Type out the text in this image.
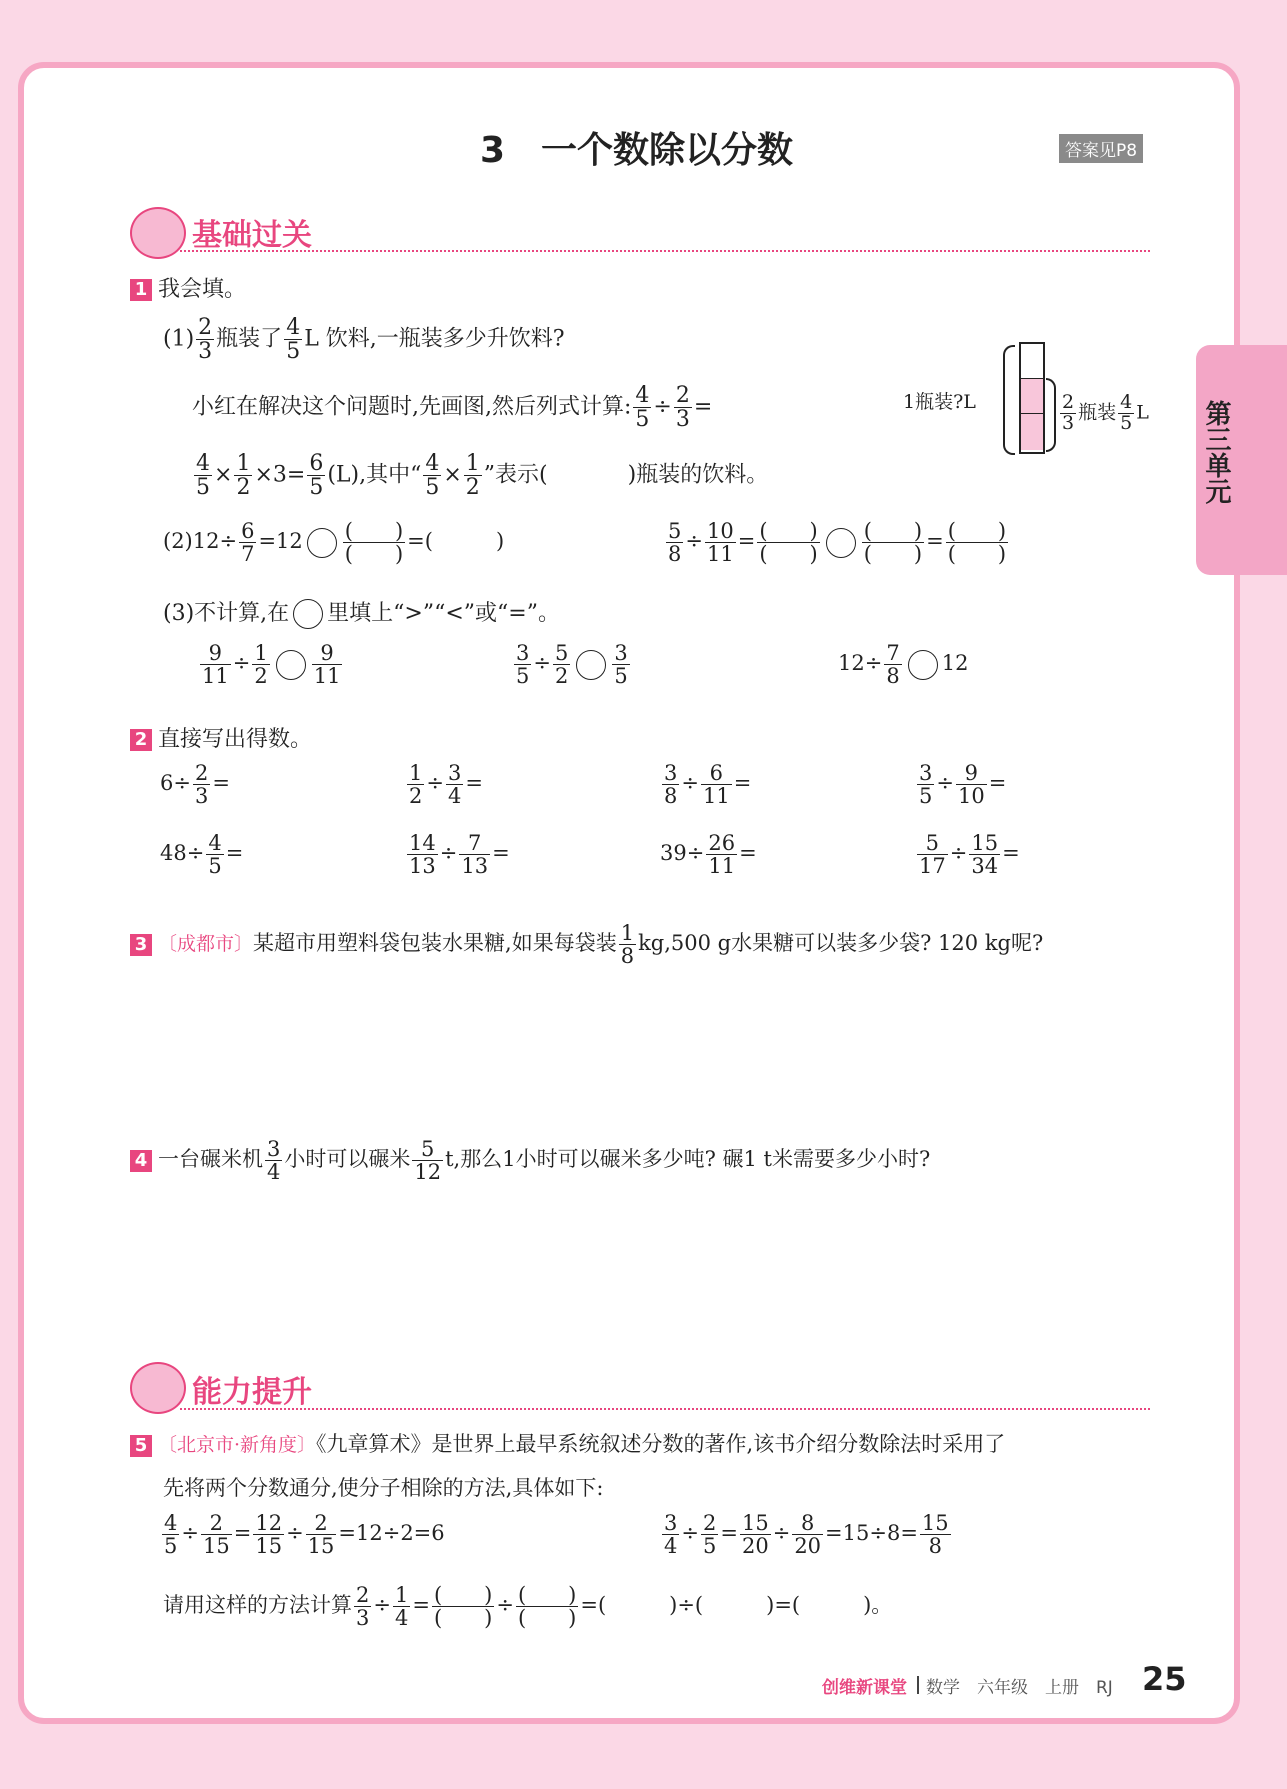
第三单元
3　一个数除以分数	答案见P8
基础过关
1 我会填。
$(1) \frac{2}{3}$ 瓶装了 $\frac{4}{5}$ L 饮料,一瓶装多少升饮料?
小红在解决这个问题时,先画图,然后列式计算: $\frac{4}{5} \div \frac{2}{3}$ =
$\frac{4}{5} \times \frac{1}{2} \times 3= \frac{6}{5} (L)$,其中“ $\frac{4}{5} \times \frac{1}{2}$ ”表示(	)瓶装的饮料。
1瓶装?L	$\frac{2}{3}$ 瓶装 $\frac{4}{5}$ L
$(2)12\div \frac{6}{7} =12 \frac{( )}{( )}$ =(　　　)	$\frac{5}{8} \div \frac{10}{11} = \frac{( )}{( )} \frac{( )}{( )} = \frac{( )}{( )}$
(3)不计算,在 里填上“>”“<”或“=”。
$\frac{9}{11} \div \frac{1}{2} \frac{9}{11}$	$\frac{3}{5} \div \frac{5}{2} \frac{3}{5}$	$12\div \frac{7}{8} 12$
2 直接写出得数。
$6\div \frac{2}{3}$ =	$\frac{1}{2} \div \frac{3}{4}$ =	$\frac{3}{8} \div \frac{6}{11}$ =	$\frac{3}{5} \div \frac{9}{10}$ =
$48\div \frac{4}{5}$ =	$\frac{14}{13} \div \frac{7}{13}$ =	$39\div \frac{26}{11}$ =	$\frac{5}{17} \div \frac{15}{34}$ =
3 〔成都市〕某超市用塑料袋包装水果糖,如果每袋装 $\frac{1}{8} kg,500$ g水果糖可以装多少袋? 120 kg呢?
4 一台碾米机 $\frac{3}{4}$ 小时可以碾米 $\frac{5}{12} t$,那么1小时可以碾米多少吨? 碾1 t米需要多少小时?
能力提升
5 〔北京市·新角度〕《九章算术》是世界上最早系统叙述分数的著作,该书介绍分数除法时采用了
先将两个分数通分,使分子相除的方法,具体如下:
$\frac{4}{5} \div \frac{2}{15} = \frac{12}{15} \div \frac{2}{15} =12\div 2=6$	$\frac{3}{4} \div \frac{2}{5} = \frac{15}{20} \div \frac{8}{20} =15\div 8= \frac{15}{8}$
请用这样的方法计算 $\frac{2}{3} \div \frac{1}{4} = \frac{( )}{( )} \div \frac{( )}{( )}$ =(　　　)÷(　　　)=(　　　)。
创维新课堂 数学　六年级　上册　RJ 25
